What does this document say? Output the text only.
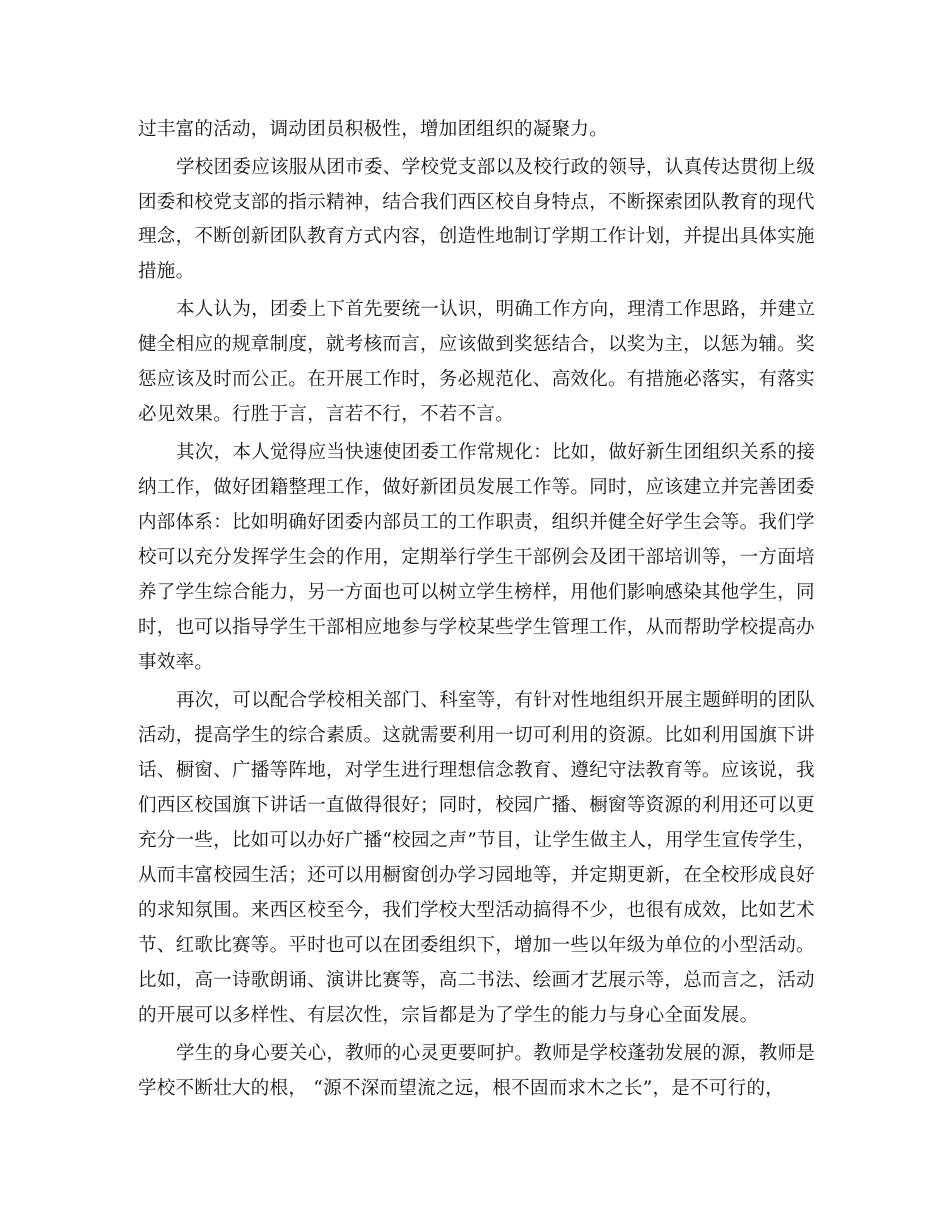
过丰富的活动，调动团员积极性，增加团组织的凝聚力。
学校团委应该服从团市委、学校党支部以及校行政的领导，认真传达贯彻上级
团委和校党支部的指示精神，结合我们西区校自身特点，不断探索团队教育的现代
理念，不断创新团队教育方式内容，创造性地制订学期工作计划，并提出具体实施
措施。
本人认为，团委上下首先要统一认识，明确工作方向，理清工作思路，并建立
健全相应的规章制度，就考核而言，应该做到奖惩结合，以奖为主，以惩为辅。奖
惩应该及时而公正。在开展工作时，务必规范化、高效化。有措施必落实，有落实
必见效果。行胜于言，言若不行，不若不言。
其次，本人觉得应当快速使团委工作常规化：比如，做好新生团组织关系的接
纳工作，做好团籍整理工作，做好新团员发展工作等。同时，应该建立并完善团委
内部体系：比如明确好团委内部员工的工作职责，组织并健全好学生会等。我们学
校可以充分发挥学生会的作用，定期举行学生干部例会及团干部培训等，一方面培
养了学生综合能力，另一方面也可以树立学生榜样，用他们影响感染其他学生，同
时，也可以指导学生干部相应地参与学校某些学生管理工作，从而帮助学校提高办
事效率。
再次，可以配合学校相关部门、科室等，有针对性地组织开展主题鲜明的团队
活动，提高学生的综合素质。这就需要利用一切可利用的资源。比如利用国旗下讲
话、橱窗、广播等阵地，对学生进行理想信念教育、遵纪守法教育等。应该说，我
们西区校国旗下讲话一直做得很好；同时，校园广播、橱窗等资源的利用还可以更
充分一些，比如可以办好广播“校园之声”节目，让学生做主人，用学生宣传学生，
从而丰富校园生活；还可以用橱窗创办学习园地等，并定期更新，在全校形成良好
的求知氛围。来西区校至今，我们学校大型活动搞得不少，也很有成效，比如艺术
节、红歌比赛等。平时也可以在团委组织下，增加一些以年级为单位的小型活动。
比如，高一诗歌朗诵、演讲比赛等，高二书法、绘画才艺展示等，总而言之，活动
的开展可以多样性、有层次性，宗旨都是为了学生的能力与身心全面发展。
学生的身心要关心，教师的心灵更要呵护。教师是学校蓬勃发展的源，教师是
学校不断壮大的根， “源不深而望流之远，根不固而求木之长”，是不可行的，
